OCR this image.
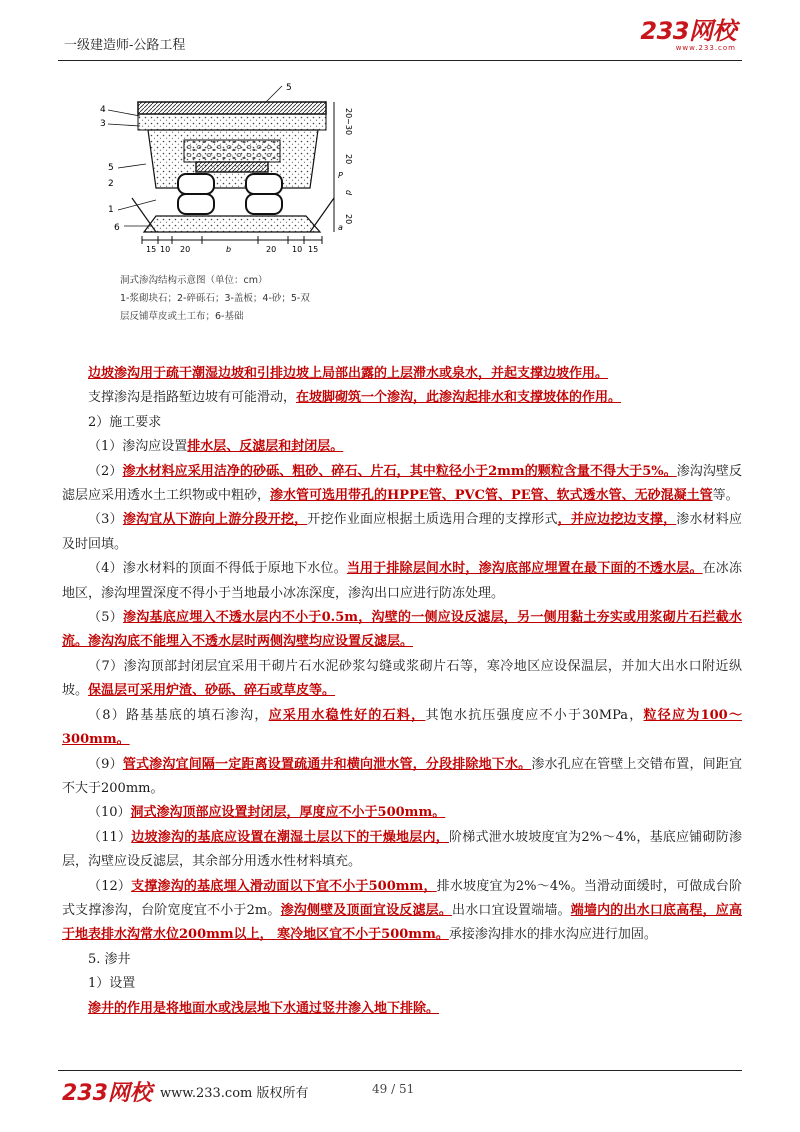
一级建造师-公路工程
233网校
www.233.com
5
4
3
5
2
1
6
15 10 20	b	20 10 15
20~30
20
d
20
P
a
洞式渗沟结构示意图（单位：cm）
1-浆砌块石；2-碎砾石；3-盖板；4-砂；5-双
层反铺草皮或土工布；6-基础

边坡渗沟用于疏干潮湿边坡和引排边坡上局部出露的上层滞水或泉水，并起支撑边坡作用。

支撑渗沟是指路堑边坡有可能滑动，在坡脚砌筑一个渗沟，此渗沟起排水和支撑坡体的作用。

2）施工要求

（1）渗沟应设置排水层、反滤层和封闭层。

（2）渗水材料应采用洁净的砂砾、粗砂、碎石、片石，其中粒径小于2mm的颗粒含量不得大于5%。渗沟沟壁反滤层应采用透水土工织物或中粗砂，渗水管可选用带孔的HPPE管、PVC管、PE管、软式透水管、无砂混凝土管等。

（3）渗沟宜从下游向上游分段开挖，开挖作业面应根据土质选用合理的支撑形式，并应边挖边支撑，渗水材料应及时回填。

（4）渗水材料的顶面不得低于原地下水位。当用于排除层间水时，渗沟底部应埋置在最下面的不透水层。在冰冻地区，渗沟埋置深度不得小于当地最小冰冻深度，渗沟出口应进行防冻处理。

（5）渗沟基底应埋入不透水层内不小于0.5m，沟壁的一侧应设反滤层，另一侧用黏土夯实或用浆砌片石拦截水流。渗沟沟底不能埋入不透水层时两侧沟壁均应设置反滤层。

（7）渗沟顶部封闭层宜采用干砌片石水泥砂浆勾缝或浆砌片石等，寒冷地区应设保温层，并加大出水口附近纵坡。保温层可采用炉渣、砂砾、碎石或草皮等。

（8）路基基底的填石渗沟，应采用水稳性好的石料，其饱水抗压强度应不小于30MPa，粒径应为100～300mm。

（9）管式渗沟宜间隔一定距离设置疏通井和横向泄水管，分段排除地下水。渗水孔应在管壁上交错布置，间距宜不大于200mm。

（10）洞式渗沟顶部应设置封闭层，厚度应不小于500mm。

（11）边坡渗沟的基底应设置在潮湿土层以下的干燥地层内，阶梯式泄水坡坡度宜为2%～4%，基底应铺砌防渗层，沟壁应设反滤层，其余部分用透水性材料填充。

（12）支撑渗沟的基底埋入滑动面以下宜不小于500mm，排水坡度宜为2%～4%。当滑动面缓时，可做成台阶式支撑渗沟，台阶宽度宜不小于2m。渗沟侧壁及顶面宜设反滤层。出水口宜设置端墙。端墙内的出水口底高程，应高于地表排水沟常水位200mm以上， 寒冷地区宜不小于500mm。承接渗沟排水的排水沟应进行加固。

5. 渗井

1）设置

渗井的作用是将地面水或浅层地下水通过竖井渗入地下排除。

233网校 www.233.com 版权所有	49 / 51
